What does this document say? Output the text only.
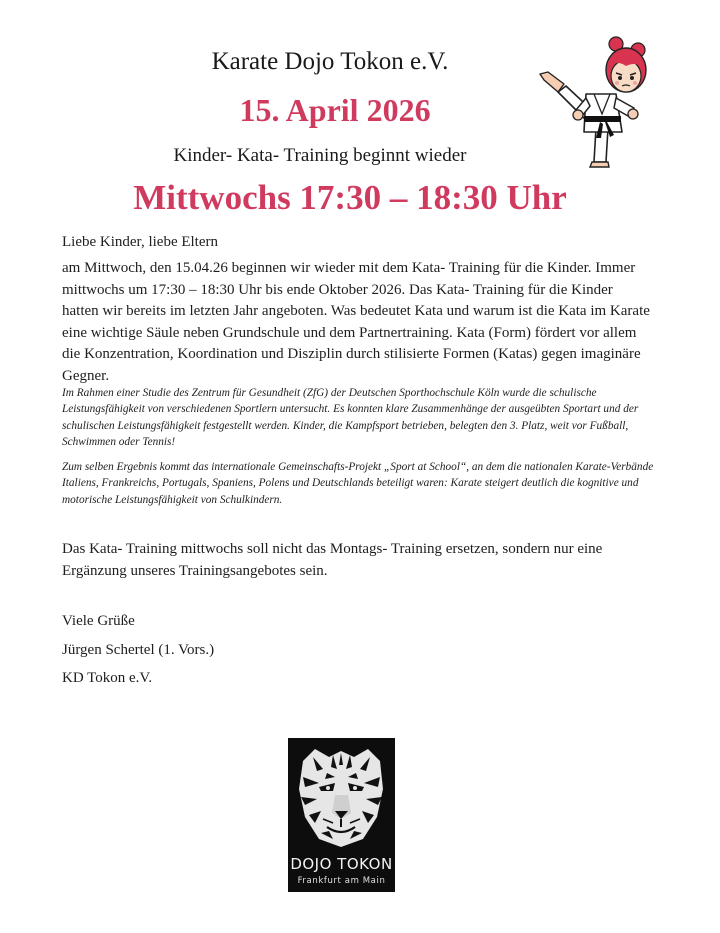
Karate Dojo Tokon e.V.
15. April 2026
Kinder- Kata- Training beginnt wieder
Mittwochs 17:30 – 18:30 Uhr
Liebe Kinder, liebe Eltern

am Mittwoch, den 15.04.26 beginnen wir wieder mit dem Kata- Training für die Kinder. Immer mittwochs um 17:30 – 18:30 Uhr bis ende Oktober 2026. Das Kata- Training für die Kinder hatten wir bereits im letzten Jahr angeboten. Was bedeutet Kata und warum ist die Kata im Karate eine wichtige Säule neben Grundschule und dem Partnertraining. Kata (Form) fördert vor allem die Konzentration, Koordination und Disziplin durch stilisierte Formen (Katas) gegen imaginäre Gegner.

Im Rahmen einer Studie des Zentrum für Gesundheit (ZfG) der Deutschen Sporthochschule Köln wurde die schulische Leistungsfähigkeit von verschiedenen Sportlern untersucht. Es konnten klare Zusammenhänge der ausgeübten Sportart und der schulischen Leistungsfähigkeit festgestellt werden. Kinder, die Kampfsport betrieben, belegten den 3. Platz, weit vor Fußball, Schwimmen oder Tennis!

Zum selben Ergebnis kommt das internationale Gemeinschafts-Projekt „Sport at School“, an dem die nationalen Karate-Verbände Italiens, Frankreichs, Portugals, Spaniens, Polens und Deutschlands beteiligt waren: Karate steigert deutlich die kognitive und motorische Leistungsfähigkeit von Schulkindern.

Das Kata- Training mittwochs soll nicht das Montags- Training ersetzen, sondern nur eine Ergänzung unseres Trainingsangebotes sein.

Viele Grüße
Jürgen Schertel (1. Vors.)
KD Tokon e.V.
DOJO TOKON
Frankfurt am Main
